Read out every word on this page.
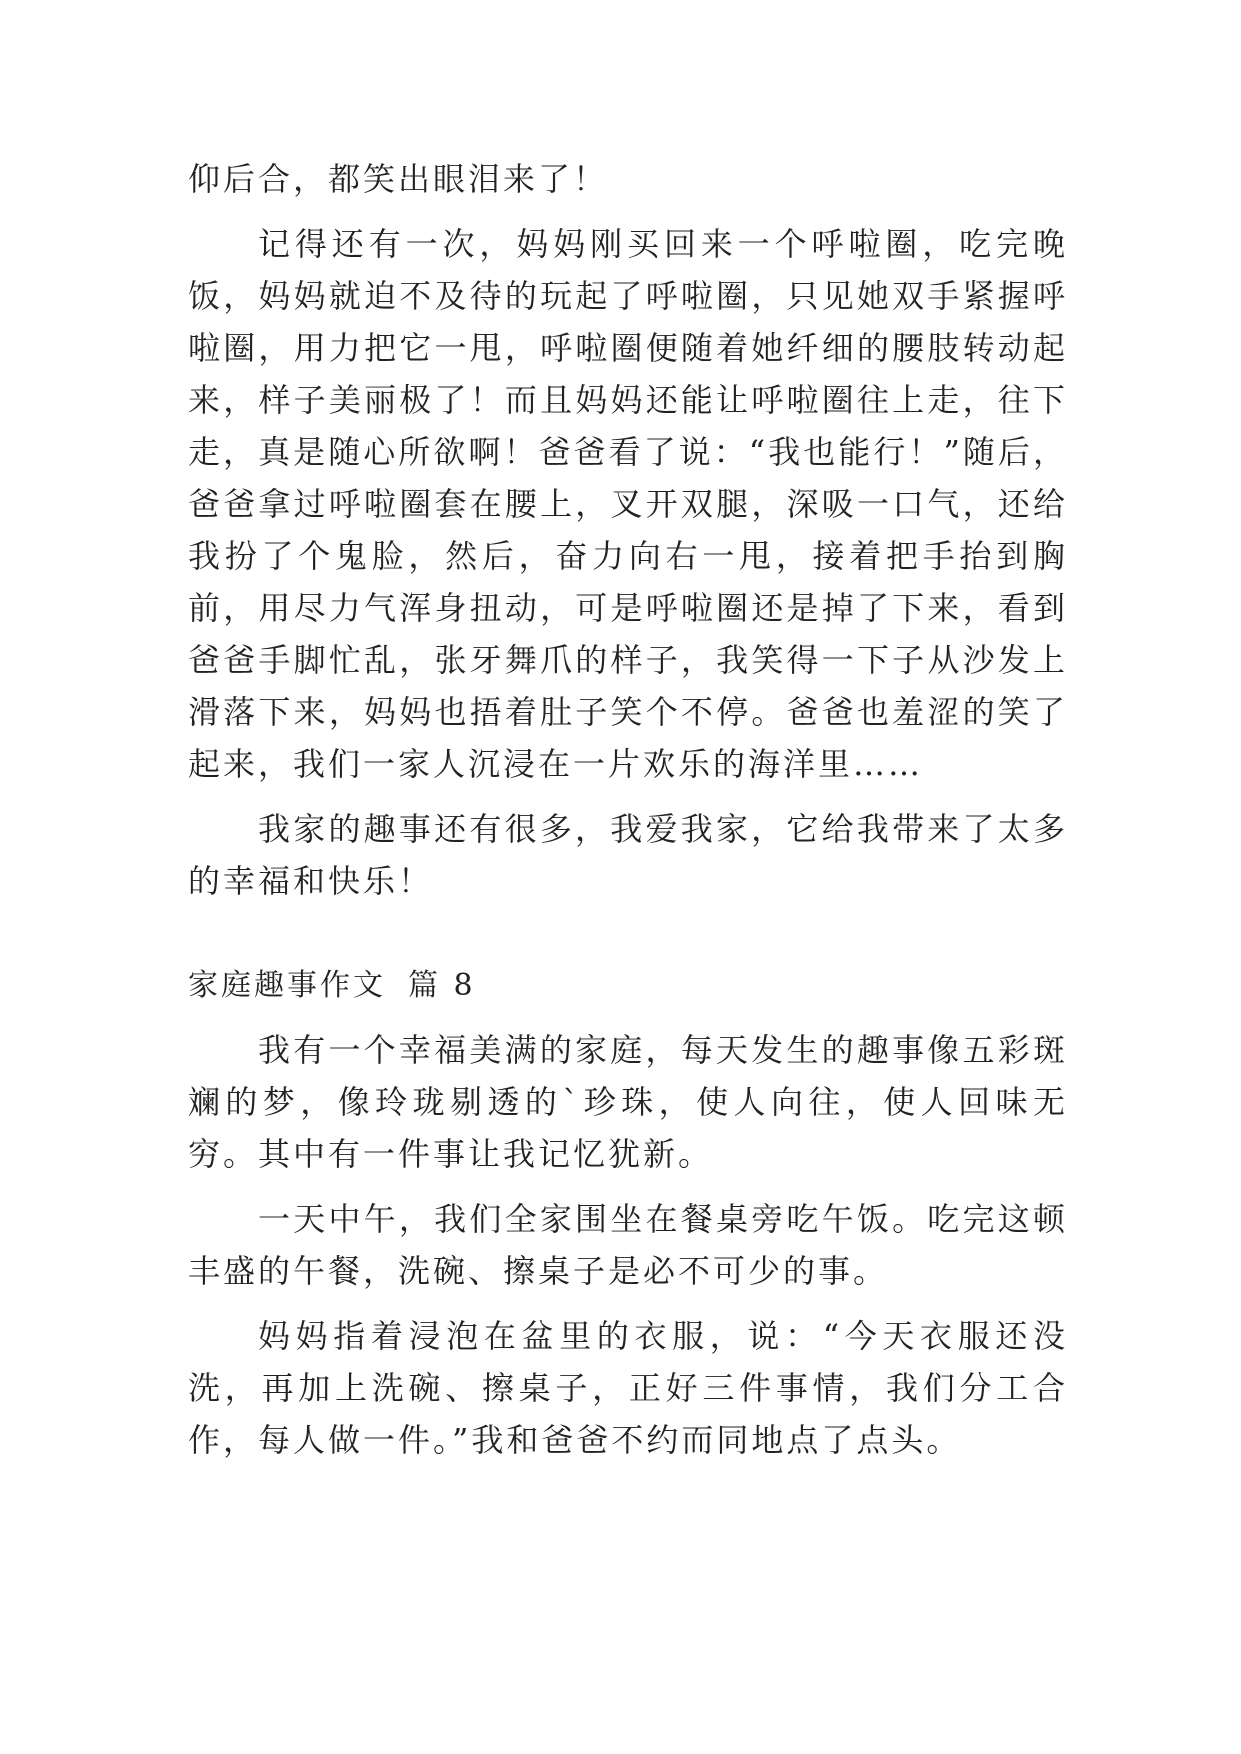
仰后合，都笑出眼泪来了！

记得还有一次，妈妈刚买回来一个呼啦圈，吃完晚饭，妈妈就迫不及待的玩起了呼啦圈，只见她双手紧握呼啦圈，用力把它一甩，呼啦圈便随着她纤细的腰肢转动起来，样子美丽极了！而且妈妈还能让呼啦圈往上走，往下走，真是随心所欲啊！爸爸看了说：“我也能行！”随后，爸爸拿过呼啦圈套在腰上，叉开双腿，深吸一口气，还给我扮了个鬼脸，然后，奋力向右一甩，接着把手抬到胸前，用尽力气浑身扭动，可是呼啦圈还是掉了下来，看到爸爸手脚忙乱，张牙舞爪的样子，我笑得一下子从沙发上滑落下来，妈妈也捂着肚子笑个不停。爸爸也羞涩的笑了起来，我们一家人沉浸在一片欢乐的海洋里……

我家的趣事还有很多，我爱我家，它给我带来了太多的幸福和快乐！

家庭趣事作文 篇 8

我有一个幸福美满的家庭，每天发生的趣事像五彩斑斓的梦，像玲珑剔透的`珍珠，使人向往，使人回味无穷。其中有一件事让我记忆犹新。

一天中午，我们全家围坐在餐桌旁吃午饭。吃完这顿丰盛的午餐，洗碗、擦桌子是必不可少的事。

妈妈指着浸泡在盆里的衣服，说：“今天衣服还没洗，再加上洗碗、擦桌子，正好三件事情，我们分工合作，每人做一件。”我和爸爸不约而同地点了点头。
